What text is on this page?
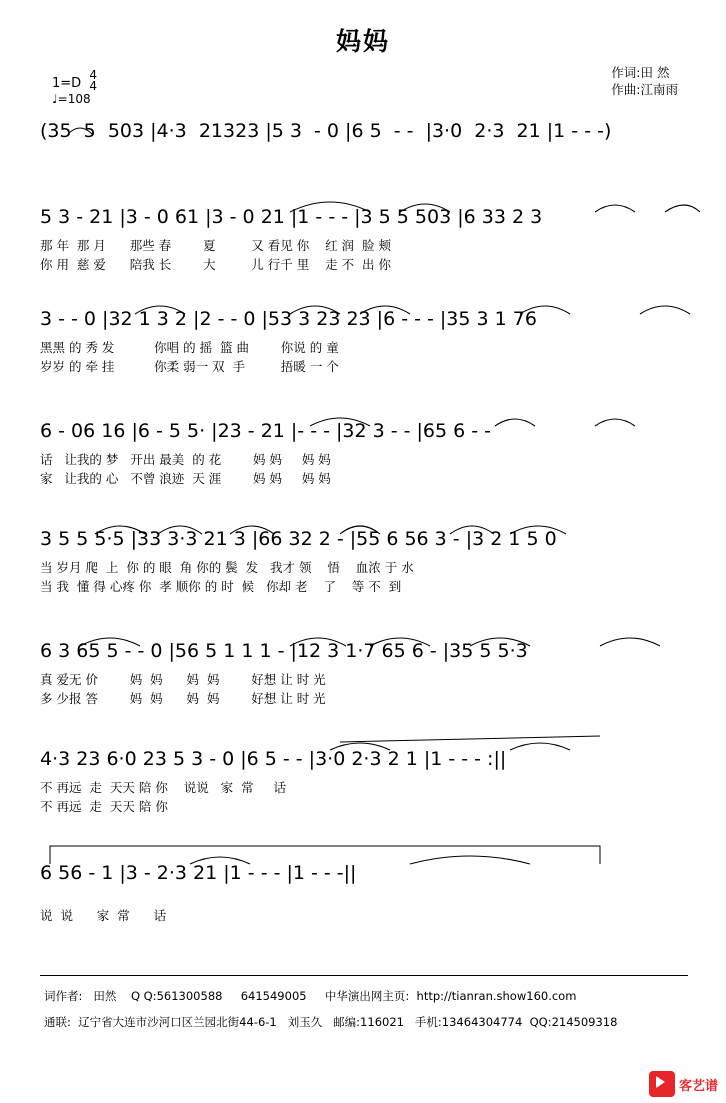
妈妈
作词:田 然
作曲:江南雨
1=D
4
4
♩=108
(35  5  503 |4·3  21323 |5 3  - 0 |6 5  - -  |3·0  2·3  21 |1 - - -)
5 3 - 21 |3 - 0 61 |3 - 0 21 |1 - - - |3 5 5 503 |6 33 2 3
那 年  那 月      那些 春        夏         又 看见 你    红 润  脸 颊
你 用  慈 爱      陪我 长        大         儿 行千 里    走 不  出 你
3 - - 0 |32 1 3 2 |2 - - 0 |53 3 23 23 |6 - - - |35 3 1 76
黑黑 的 秀 发          你唱 的 摇  篮 曲        你说 的 童
岁岁 的 牵 挂          你柔 弱一 双  手         捂暖 一 个
6 - 06 16 |6 - 5 5· |23 - 21 |- - - |32 3 - - |65 6 - -
话   让我的 梦   开出 最美  的 花        妈 妈     妈 妈
家   让我的 心   不曾 浪迹  天 涯        妈 妈     妈 妈
3 5 5 5·5 |33 3·3 21 3 |66 32 2 - |55 6 56 3 - |3 2 1 5 0
当 岁月 爬  上  你 的 眼  角 你的 鬓  发   我才 领    悟    血浓 于 水
当 我  懂 得 心疼 你  孝 顺你 的 时  候   你却 老    了    等 不  到
6 3 65 5 - - 0 |56 5 1 1 1 - |12 3 1·7 65 6 - |35 5 5·3
真 爱无 价        妈  妈      妈  妈        好想 让 时 光
多 少报 答        妈  妈      妈  妈        好想 让 时 光
4·3 23 6·0 23 5 3 - 0 |6 5 - - |3·0 2·3 2 1 |1 - - - :||
不 再远  走  天天 陪 你    说说   家  常     话
不 再远  走  天天 陪 你
6 56 - 1 |3 - 2·3 21 |1 - - - |1 - - -||
说  说      家  常      话
词作者:   田然    Q Q:561300588     641549005     中华演出网主页:  http://tianran.show160.com
通联:  辽宁省大连市沙河口区兰园北街44-6-1   刘玉久   邮编:116021   手机:13464304774  QQ:214509318
客艺谱
